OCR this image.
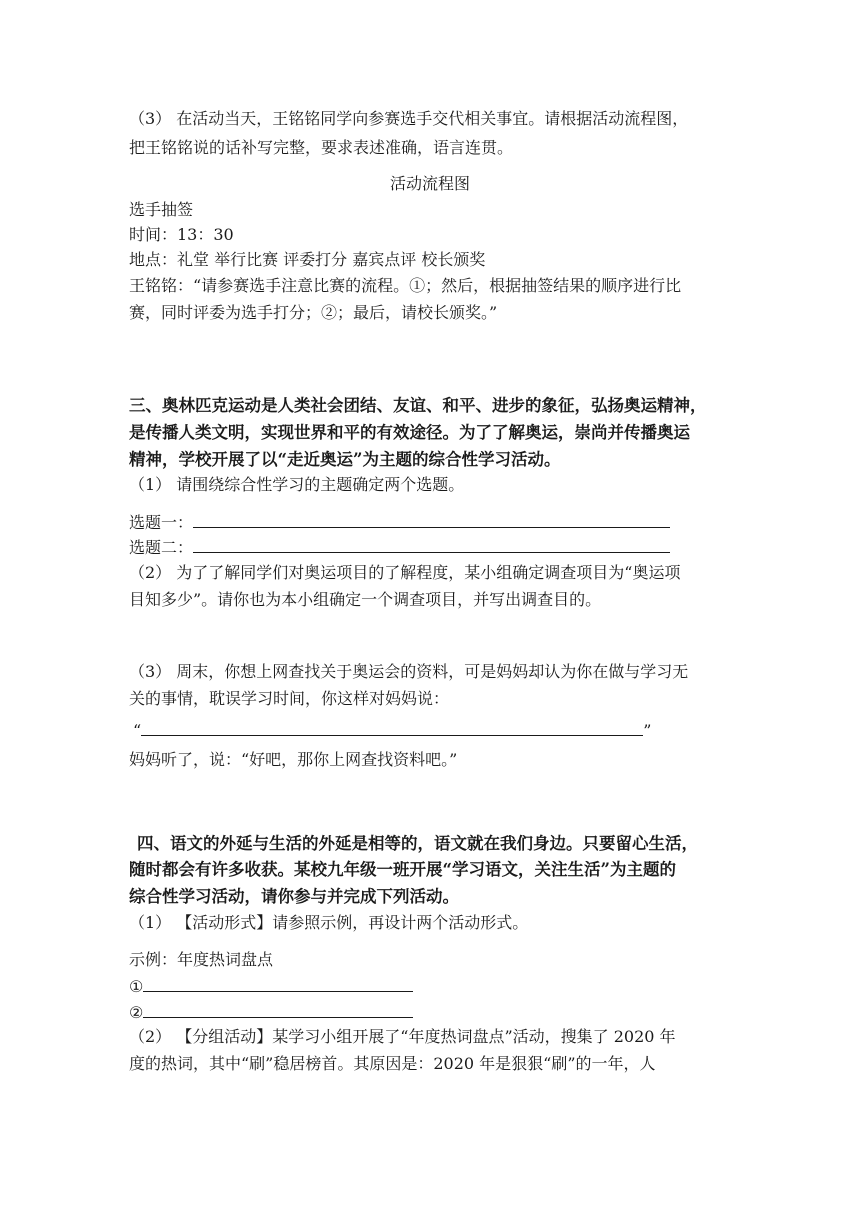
（3） 在活动当天，王铭铭同学向参赛选手交代相关事宜。请根据活动流程图，
把王铭铭说的话补写完整，要求表述准确，语言连贯。
活动流程图
选手抽签
时间：13：30
地点：礼堂 举行比赛 评委打分 嘉宾点评 校长颁奖
王铭铭：“请参赛选手注意比赛的流程。①；然后，根据抽签结果的顺序进行比
赛，同时评委为选手打分；②；最后，请校长颁奖。”
三、奥林匹克运动是人类社会团结、友谊、和平、进步的象征，弘扬奥运精神，
是传播人类文明，实现世界和平的有效途径。为了了解奥运，崇尚并传播奥运
精神，学校开展了以“走近奥运”为主题的综合性学习活动。
（1） 请围绕综合性学习的主题确定两个选题。
选题一：
选题二：
（2） 为了了解同学们对奥运项目的了解程度，某小组确定调查项目为“奥运项
目知多少”。请你也为本小组确定一个调查项目，并写出调查目的。
（3） 周末，你想上网查找关于奥运会的资料，可是妈妈却认为你在做与学习无
关的事情，耽误学习时间，你这样对妈妈说：
“	”
妈妈听了，说：“好吧，那你上网查找资料吧。”
四、语文的外延与生活的外延是相等的，语文就在我们身边。只要留心生活，
随时都会有许多收获。某校九年级一班开展“学习语文，关注生活”为主题的
综合性学习活动，请你参与并完成下列活动。
（1） 【活动形式】请参照示例，再设计两个活动形式。
示例：年度热词盘点
①
②
（2） 【分组活动】某学习小组开展了“年度热词盘点”活动，搜集了 2020 年
度的热词，其中“刷”稳居榜首。其原因是：2020 年是狠狠“刷”的一年，人
